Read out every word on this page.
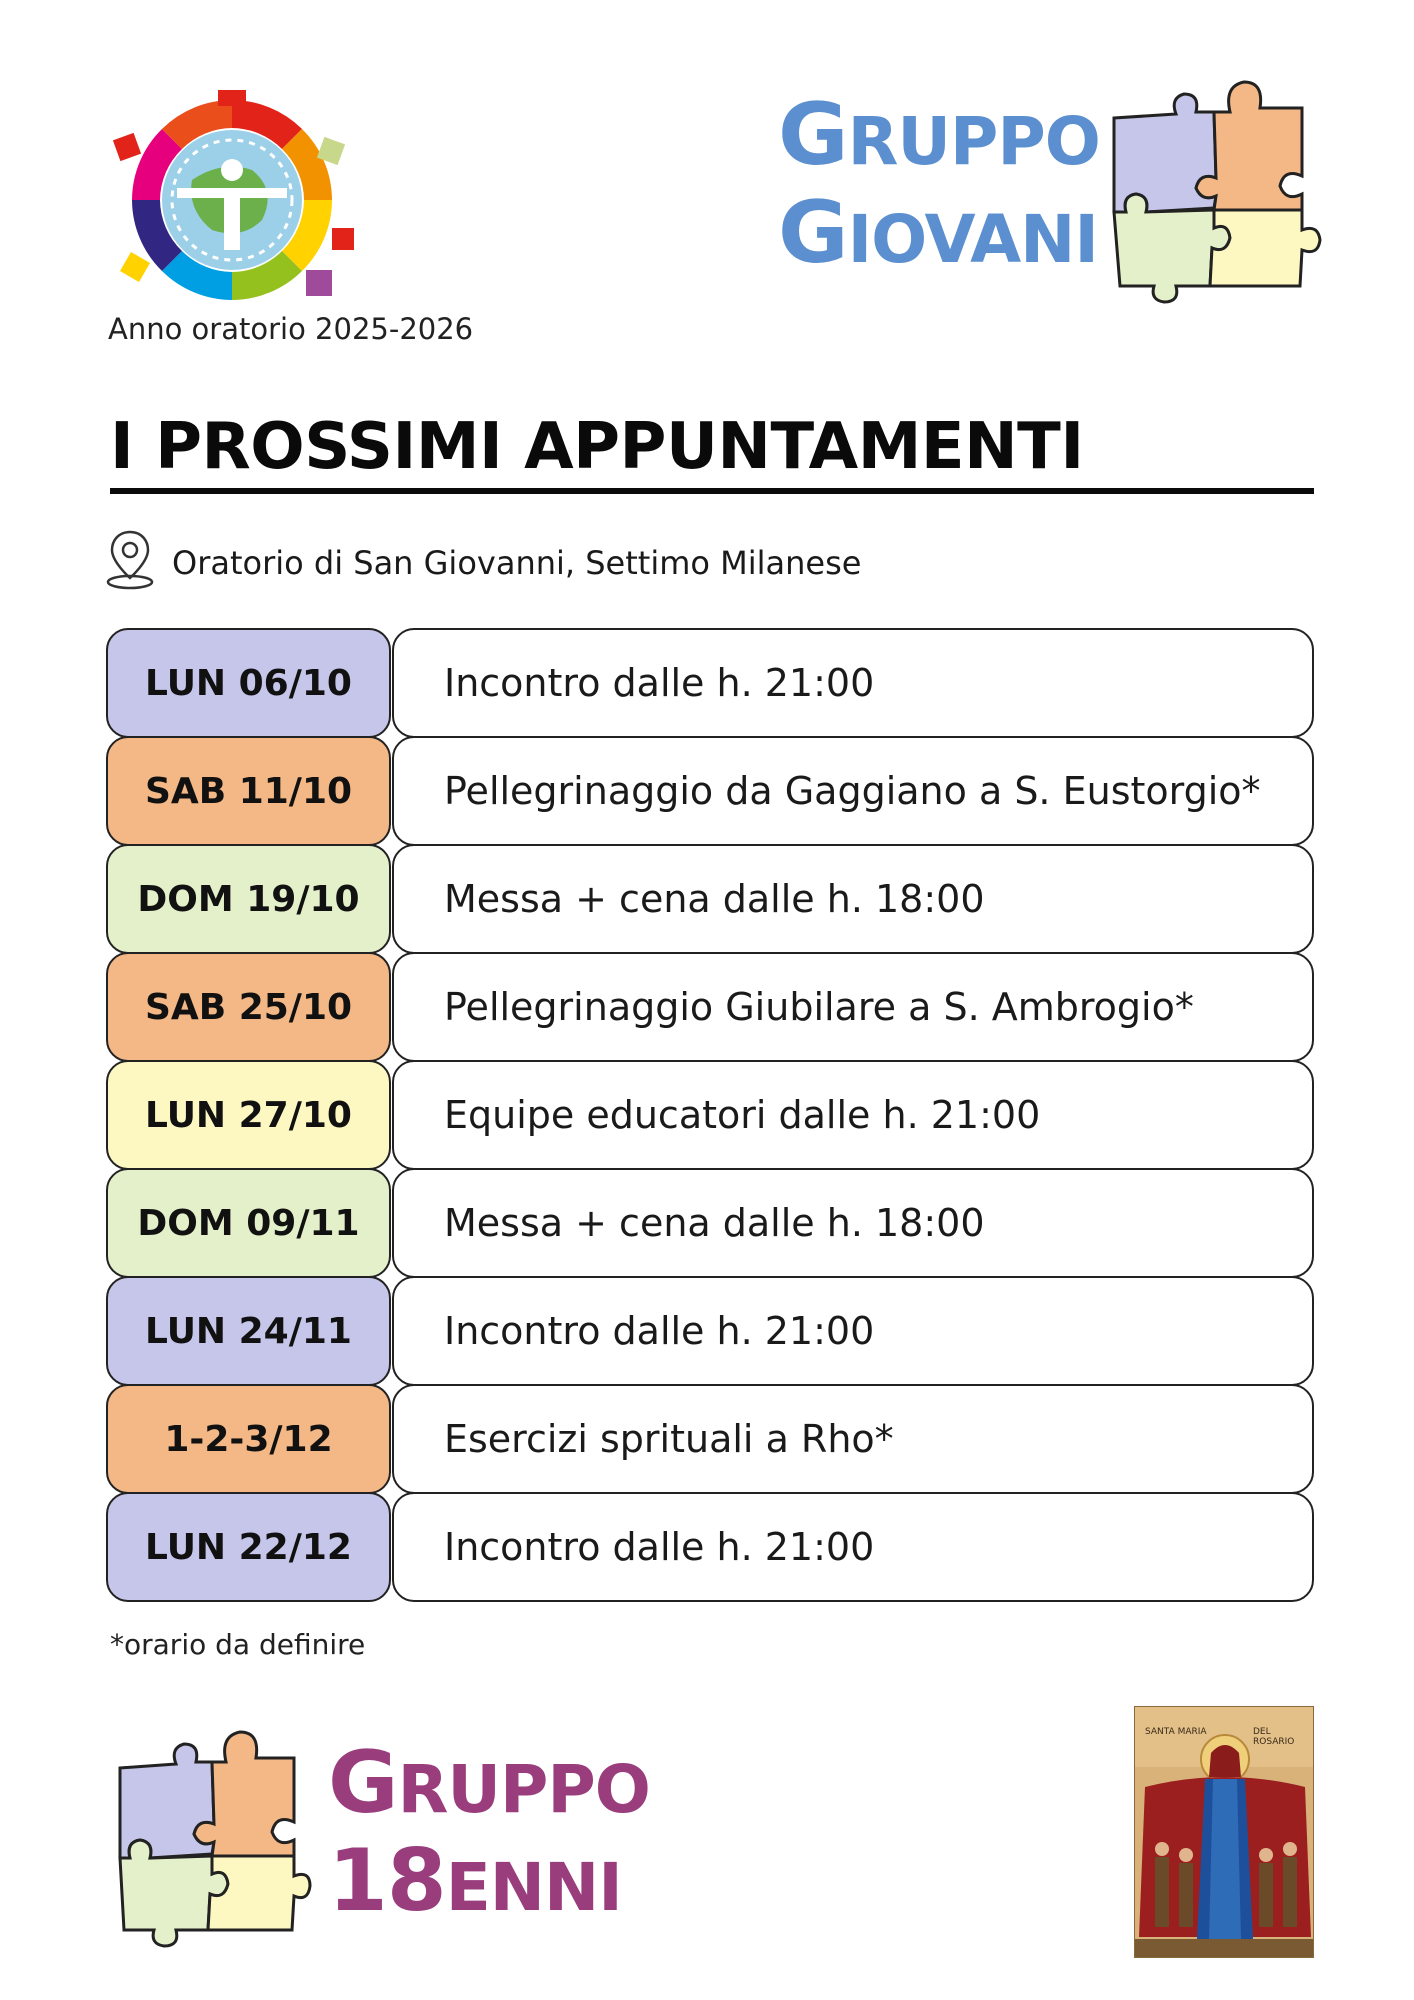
Anno oratorio 2025-2026
GRUPPO
GIOVANI
I PROSSIMI APPUNTAMENTI
Oratorio di San Giovanni, Settimo Milanese
LUN 06/10	Incontro dalle h. 21:00
SAB 11/10	Pellegrinaggio da Gaggiano a S. Eustorgio*
DOM 19/10	Messa + cena dalle h. 18:00
SAB 25/10	Pellegrinaggio Giubilare a S. Ambrogio*
LUN 27/10	Equipe educatori dalle h. 21:00
DOM 09/11	Messa + cena dalle h. 18:00
LUN 24/11	Incontro dalle h. 21:00
1-2-3/12	Esercizi sprituali a Rho*
LUN 22/12	Incontro dalle h. 21:00
*orario da definire
GRUPPO
18ENNI
SANTA MARIA	DEL ROSARIO
